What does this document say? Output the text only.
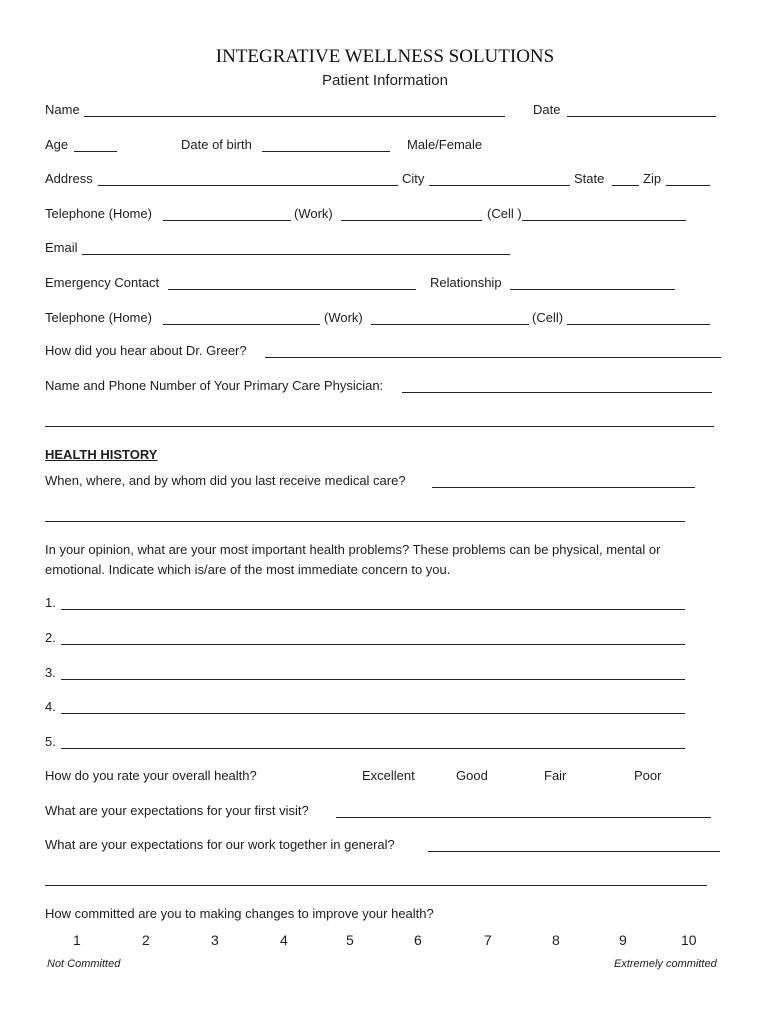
INTEGRATIVE WELLNESS SOLUTIONS
Patient Information
Name	Date
Age	Date of birth	Male/Female
Address	City	State	Zip
Telephone (Home)	(Work)	(Cell )
Email
Emergency Contact	Relationship
Telephone (Home)	(Work)	(Cell)
How did you hear about Dr. Greer?
Name and Phone Number of Your Primary Care Physician:
HEALTH HISTORY
When, where, and by whom did you last receive medical care?
In your opinion, what are your most important health problems? These problems can be physical, mental or
emotional. Indicate which is/are of the most immediate concern to you.
1.
2.
3.
4.
5.
How do you rate your overall health?	Excellent	Good	Fair	Poor
What are your expectations for your first visit?
What are your expectations for our work together in general?
How committed are you to making changes to improve your health?
1	2	3	4	5	6	7	8	9	10
Not Committed	Extremely committed
